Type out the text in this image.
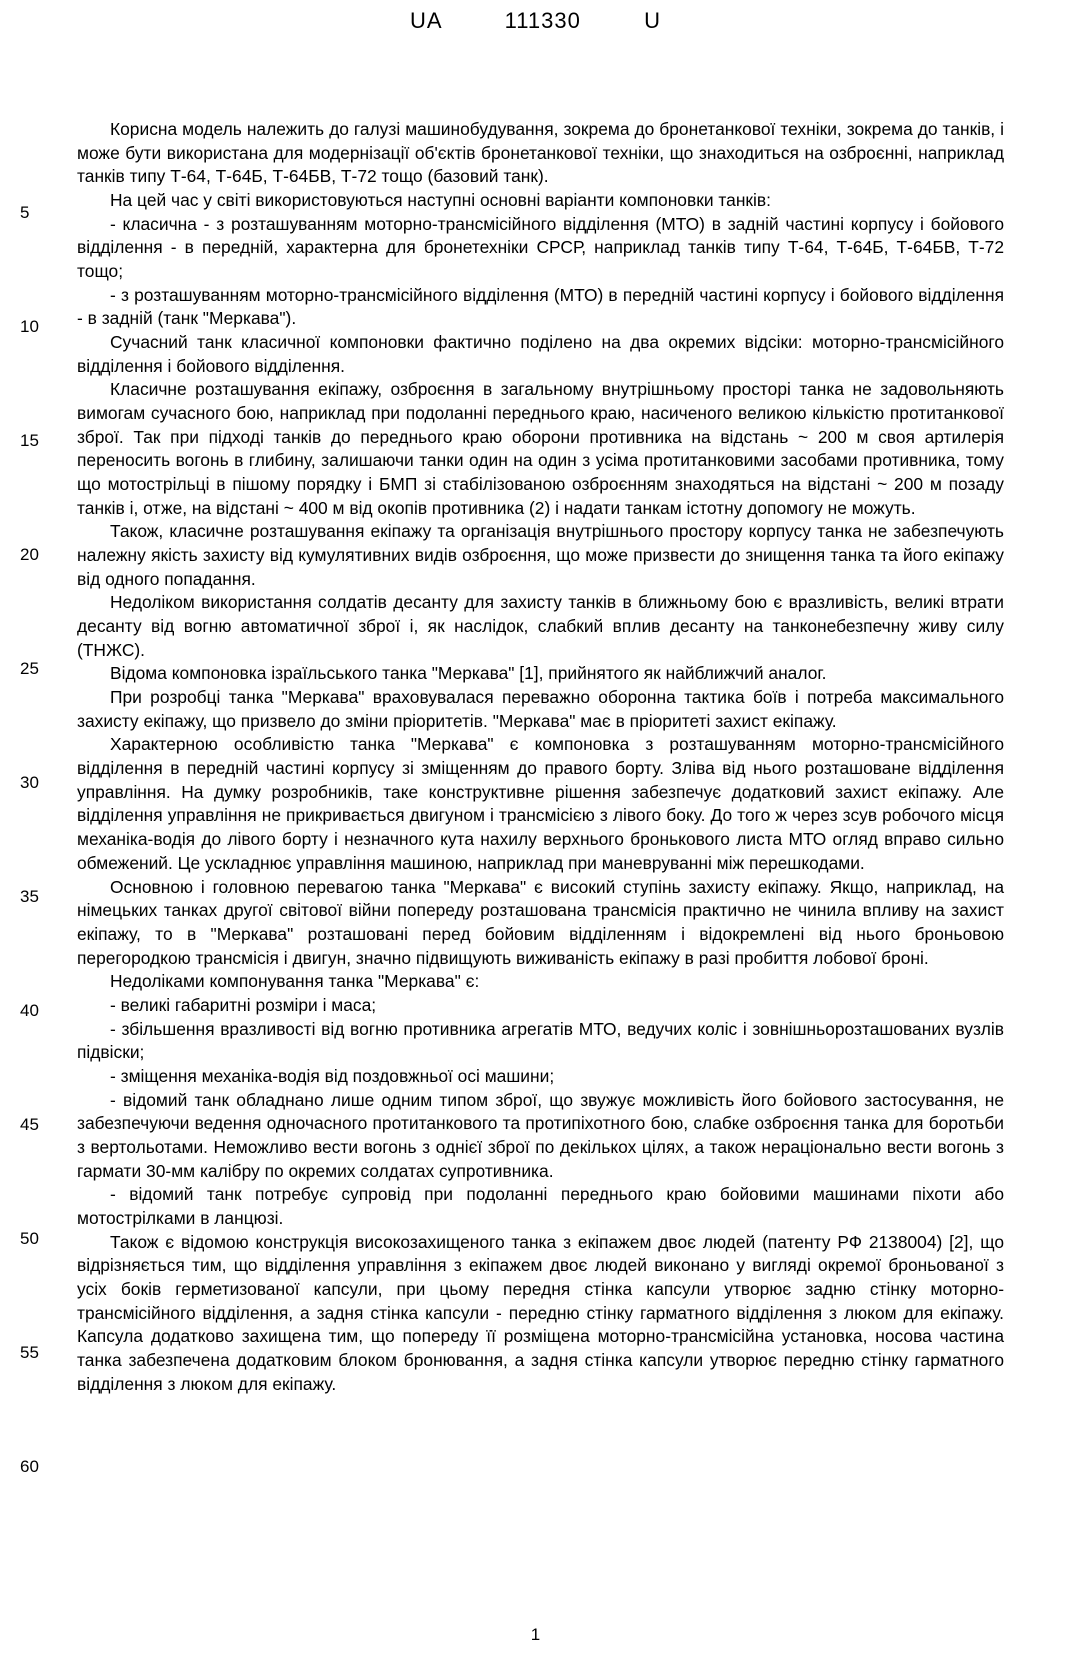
UA   111330   U
5
10
15
20
25
30
35
40
45
50
55
60

Корисна модель належить до галузі машинобудування, зокрема до бронетанкової техніки, зокрема до танків, і може бути використана для модернізації об'єктів бронетанкової техніки, що знаходиться на озброєнні, наприклад танків типу Т-64, Т-64Б, Т-64БВ, Т-72 тощо (базовий танк).

На цей час у світі використовуються наступні основні варіанти компоновки танків:

- класична - з розташуванням моторно-трансмісійного відділення (МТО) в задній частині корпусу і бойового відділення - в передній, характерна для бронетехніки СРСР, наприклад танків типу Т-64, Т-64Б, Т-64БВ, Т-72 тощо;

- з розташуванням моторно-трансмісійного відділення (МТО) в передній частині корпусу і бойового відділення - в задній (танк "Меркава").

Сучасний танк класичної компоновки фактично поділено на два окремих відсіки: моторно-трансмісійного відділення і бойового відділення.

Класичне розташування екіпажу, озброєння в загальному внутрішньому просторі танка не задовольняють вимогам сучасного бою, наприклад при подоланні переднього краю, насиченого великою кількістю протитанкової зброї. Так при підході танків до переднього краю оборони противника на відстань ~ 200 м своя артилерія переносить вогонь в глибину, залишаючи танки один на один з усіма протитанковими засобами противника, тому що мотострільці в пішому порядку і БМП зі стабілізованою озброєнням знаходяться на відстані ~ 200 м позаду танків і, отже, на відстані ~ 400 м від окопів противника (2) і надати танкам істотну допомогу не можуть.

Також, класичне розташування екіпажу та організація внутрішнього простору корпусу танка не забезпечують належну якість захисту від кумулятивних видів озброєння, що може призвести до знищення танка та його екіпажу від одного попадання.

Недоліком використання солдатів десанту для захисту танків в ближньому бою є вразливість, великі втрати десанту від вогню автоматичної зброї і, як наслідок, слабкий вплив десанту на танконебезпечну живу силу (ТНЖС).

Відома компоновка ізраїльського танка "Меркава" [1], прийнятого як найближчий аналог.

При розробці танка "Меркава" враховувалася переважно оборонна тактика боїв і потреба максимального захисту екіпажу, що призвело до зміни пріоритетів. "Меркава" має в пріоритеті захист екіпажу.

Характерною особливістю танка "Меркава" є компоновка з розташуванням моторно-трансмісійного відділення в передній частині корпусу зі зміщенням до правого борту. Зліва від нього розташоване відділення управління. На думку розробників, таке конструктивне рішення забезпечує додатковий захист екіпажу. Але відділення управління не прикривається двигуном і трансмісією з лівого боку. До того ж через зсув робочого місця механіка-водія до лівого борту і незначного кута нахилу верхнього бронькового листа МТО огляд вправо сильно обмежений. Це ускладнює управління машиною, наприклад при маневруванні між перешкодами.

Основною і головною перевагою танка "Меркава" є високий ступінь захисту екіпажу. Якщо, наприклад, на німецьких танках другої світової війни попереду розташована трансмісія практично не чинила впливу на захист екіпажу, то в "Меркава" розташовані перед бойовим відділенням і відокремлені від нього броньовою перегородкою трансмісія і двигун, значно підвищують виживаність екіпажу в разі пробиття лобової броні.

Недоліками компонування танка "Меркава" є:

- великі габаритні розміри і маса;

- збільшення вразливості від вогню противника агрегатів МТО, ведучих коліс і зовнішньорозташованих вузлів підвіски;

- зміщення механіка-водія від поздовжньої осі машини;

- відомий танк обладнано лише одним типом зброї, що звужує можливість його бойового застосування, не забезпечуючи ведення одночасного протитанкового та протипіхотного бою, слабке озброєння танка для боротьби з вертольотами. Неможливо вести вогонь з однієї зброї по декількох цілях, а також нераціонально вести вогонь з гармати 30-мм калібру по окремих солдатах супротивника.

- відомий танк потребує супровід при подоланні переднього краю бойовими машинами піхоти або мотострілками в ланцюзі.

Також є відомою конструкція високозахищеного танка з екіпажем двоє людей (патенту РФ 2138004) [2], що відрізняється тим, що відділення управління з екіпажем двоє людей виконано у вигляді окремої броньованої з усіх боків герметизованої капсули, при цьому передня стінка капсули утворює задню стінку моторно-трансмісійного відділення, а задня стінка капсули - передню стінку гарматного відділення з люком для екіпажу. Капсула додатково захищена тим, що попереду її розміщена моторно-трансмісійна установка, носова частина танка забезпечена додатковим блоком бронювання, а задня стінка капсули утворює передню стінку гарматного відділення з люком для екіпажу.

1
